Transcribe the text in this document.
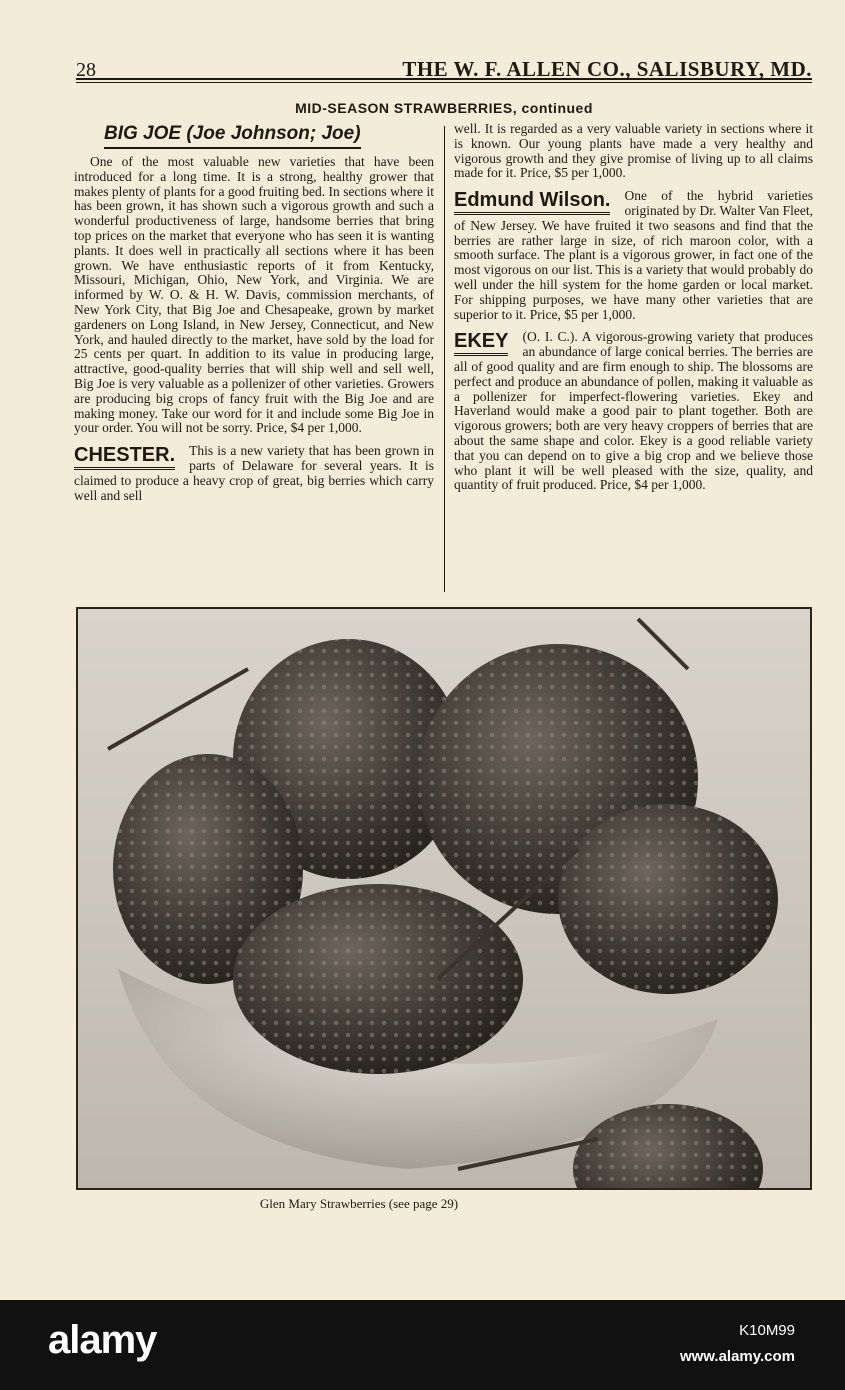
28	THE W. F. ALLEN CO., SALISBURY, MD.
MID-SEASON STRAWBERRIES, continued
BIG JOE (Joe Johnson; Joe)

One of the most valuable new varieties that have been introduced for a long time. It is a strong, healthy grower that makes plenty of plants for a good fruiting bed. In sections where it has been grown, it has shown such a vigorous growth and such a wonderful productiveness of large, handsome berries that bring top prices on the market that everyone who has seen it is wanting plants. It does well in practically all sections where it has been grown. We have enthusiastic reports of it from Kentucky, Missouri, Michigan, Ohio, New York, and Virginia. We are informed by W. O. & H. W. Davis, commission merchants, of New York City, that Big Joe and Chesapeake, grown by market gardeners on Long Island, in New Jersey, Connecticut, and New York, and hauled directly to the market, have sold by the load for 25 cents per quart. In addition to its value in producing large, attractive, good-quality berries that will ship well and sell well, Big Joe is very valuable as a pollenizer of other varieties. Growers are producing big crops of fancy fruit with the Big Joe and are making money. Take our word for it and include some Big Joe in your order. You will not be sorry. Price, $4 per 1,000.

CHESTER.	This is a new variety that has been grown in parts of Delaware for several years. It is claimed to produce a heavy crop of great, big berries which carry well and sell

well. It is regarded as a very valuable variety in sections where it is known. Our young plants have made a very healthy and vigorous growth and they give promise of living up to all claims made for it. Price, $5 per 1,000.

Edmund Wilson.	One of the hybrid varieties originated by Dr. Walter Van Fleet, of New Jersey. We have fruited it two seasons and find that the berries are rather large in size, of rich maroon color, with a smooth surface. The plant is a vigorous grower, in fact one of the most vigorous on our list. This is a variety that would probably do well under the hill system for the home garden or local market. For shipping purposes, we have many other varieties that are superior to it. Price, $5 per 1,000.

EKEY	(O. I. C.). A vigorous-growing variety that produces an abundance of large conical berries. The berries are all of good quality and are firm enough to ship. The blossoms are perfect and produce an abundance of pollen, making it valuable as a pollenizer for imperfect-flowering varieties. Ekey and Haverland would make a good pair to plant together. Both are vigorous growers; both are very heavy croppers of berries that are about the same shape and color. Ekey is a good reliable variety that you can depend on to give a big crop and we believe those who plant it will be well pleased with the size, quality, and quantity of fruit produced. Price, $4 per 1,000.

Glen Mary Strawberries (see page 29)
alamy	K10M99
www.alamy.com
